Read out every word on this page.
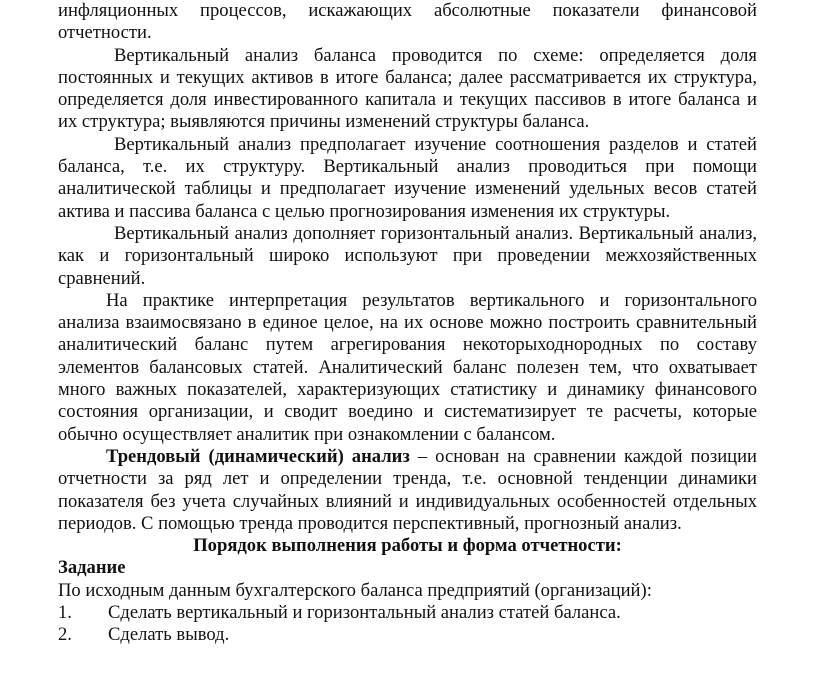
инфляционных процессов, искажающих абсолютные показатели финансовой отчетности.

Вертикальный анализ баланса проводится по схеме: определяется доля постоянных и текущих активов в итоге баланса; далее рассматривается их структура, определяется доля инвестированного капитала и текущих пассивов в итоге баланса и их структура; выявляются причины изменений структуры баланса.

Вертикальный анализ предполагает изучение соотношения разделов и статей баланса, т.е. их структуру. Вертикальный анализ проводиться при помощи аналитической таблицы и предполагает изучение изменений удельных весов статей актива и пассива баланса с целью прогнозирования изменения их структуры.

Вертикальный анализ дополняет горизонтальный анализ. Вертикальный анализ, как и горизонтальный широко используют при проведении межхозяйственных сравнений.

На практике интерпретация результатов вертикального и горизонтального анализа взаимосвязано в единое целое, на их основе можно построить сравнительный аналитический баланс путем агрегирования некоторыходнородных по составу элементов балансовых статей. Аналитический баланс полезен тем, что охватывает много важных показателей, характеризующих статистику и динамику финансового состояния организации, и сводит воедино и систематизирует те расчеты, которые обычно осуществляет аналитик при ознакомлении с балансом.

Трендовый (динамический) анализ – основан на сравнении каждой позиции отчетности за ряд лет и определении тренда, т.е. основной тенденции динамики показателя без учета случайных влияний и индивидуальных особенностей отдельных периодов. С помощью тренда проводится перспективный, прогнозный анализ.

Порядок выполнения работы и форма отчетности:

Задание

По исходным данным бухгалтерского баланса предприятий (организаций):

1.	Сделать вертикальный и горизонтальный анализ статей баланса.
2.	Сделать вывод.
